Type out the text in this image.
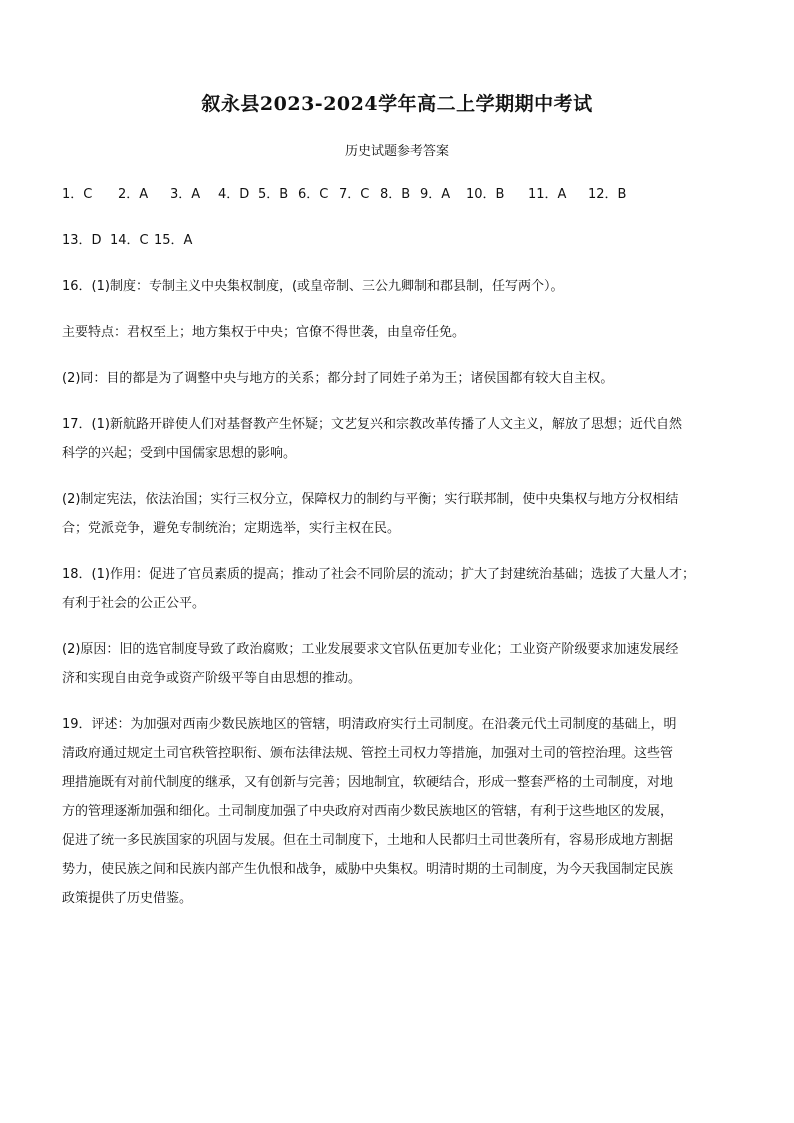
叙永县2023-2024学年高二上学期期中考试
历史试题参考答案
1．C	2．A	3．A	4．D 5．B 6．C 7．C 8．B 9．A	10．B	11．A	12．B
13．D 14．C 15．A

16．(1)制度：专制主义中央集权制度，(或皇帝制、三公九卿制和郡县制，任写两个）。

主要特点：君权至上；地方集权于中央；官僚不得世袭，由皇帝任免。

(2)同：目的都是为了调整中央与地方的关系；都分封了同姓子弟为王；诸侯国都有较大自主权。

17．(1)新航路开辟使人们对基督教产生怀疑；文艺复兴和宗教改革传播了人文主义，解放了思想；近代自然

科学的兴起；受到中国儒家思想的影响。

(2)制定宪法，依法治国；实行三权分立，保障权力的制约与平衡；实行联邦制，使中央集权与地方分权相结

合；党派竞争，避免专制统治；定期选举，实行主权在民。

18．(1)作用：促进了官员素质的提高；推动了社会不同阶层的流动；扩大了封建统治基础；选拔了大量人才；

有利于社会的公正公平。

(2)原因：旧的选官制度导致了政治腐败；工业发展要求文官队伍更加专业化；工业资产阶级要求加速发展经

济和实现自由竞争或资产阶级平等自由思想的推动。

19．评述：为加强对西南少数民族地区的管辖，明清政府实行土司制度。在沿袭元代土司制度的基础上，明

清政府通过规定土司官秩管控职衔、颁布法律法规、管控土司权力等措施，加强对土司的管控治理。这些管

理措施既有对前代制度的继承，又有创新与完善；因地制宜，软硬结合，形成一整套严格的土司制度，对地

方的管理逐渐加强和细化。土司制度加强了中央政府对西南少数民族地区的管辖，有利于这些地区的发展，

促进了统一多民族国家的巩固与发展。但在土司制度下，土地和人民都归土司世袭所有，容易形成地方割据

势力，使民族之间和民族内部产生仇恨和战争，威胁中央集权。明清时期的土司制度，为今天我国制定民族

政策提供了历史借鉴。
